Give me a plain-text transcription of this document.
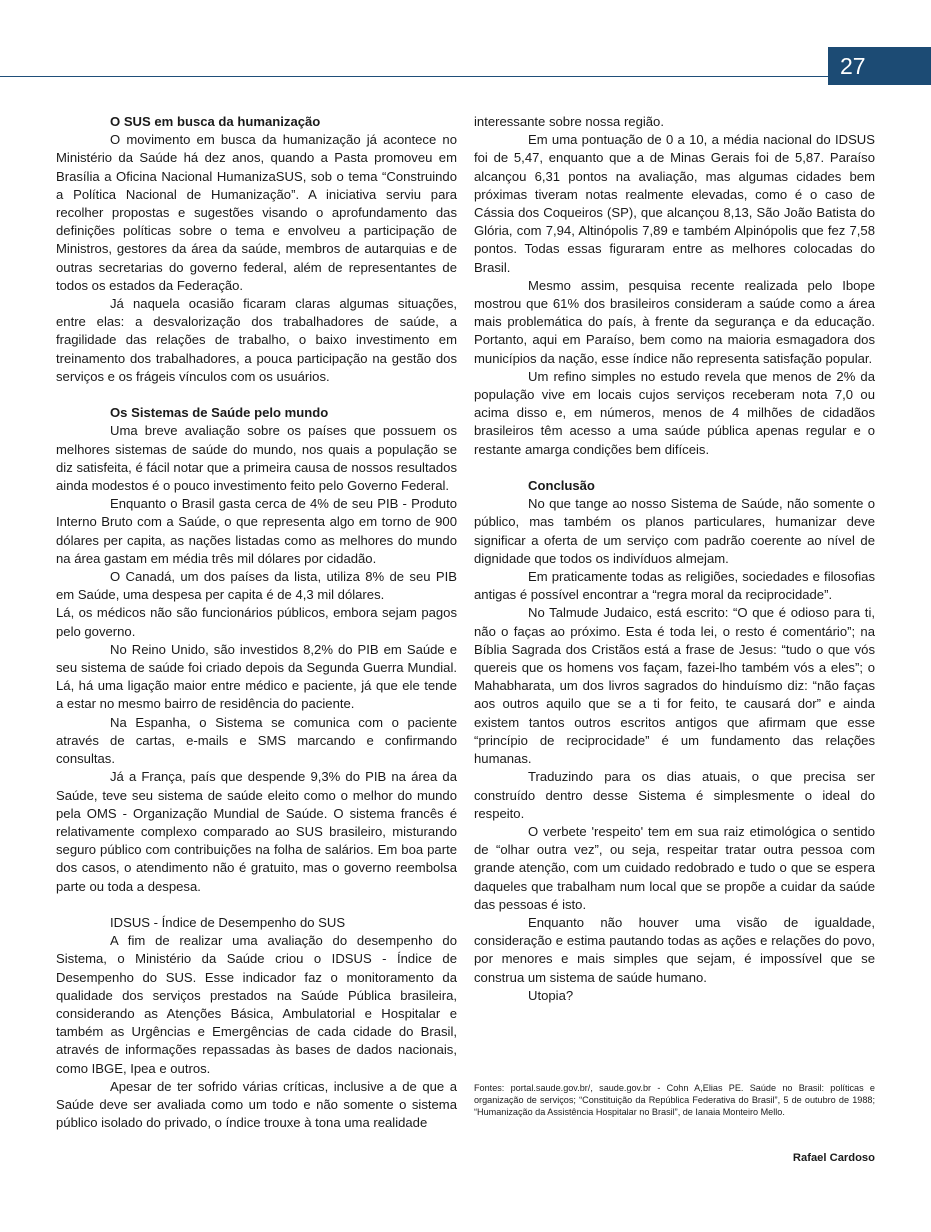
27
O SUS em busca da humanização

O movimento em busca da humanização já acontece no Ministério da Saúde há dez anos, quando a Pasta promoveu em Brasília a Oficina Nacional HumanizaSUS, sob o tema “Construindo a Política Nacional de Humanização”. A iniciativa serviu para recolher propostas e sugestões visando o aprofundamento das definições políticas sobre o tema e envolveu a participação de Ministros, gestores da área da saúde, membros de autarquias e de outras secretarias do governo federal, além de representantes de todos os estados da Federação.

Já naquela ocasião ficaram claras algumas situações, entre elas: a desvalorização dos trabalhadores de saúde, a fragilidade das relações de trabalho, o baixo investimento em treinamento dos trabalhadores, a pouca participação na gestão dos serviços e os frágeis vínculos com os usuários.

Os Sistemas de Saúde pelo mundo

Uma breve avaliação sobre os países que possuem os melhores sistemas de saúde do mundo, nos quais a população se diz satisfeita, é fácil notar que a primeira causa de nossos resultados ainda modestos é o pouco investimento feito pelo Governo Federal.

Enquanto o Brasil gasta cerca de 4% de seu PIB - Produto Interno Bruto com a Saúde, o que representa algo em torno de 900 dólares per capita, as nações listadas como as melhores do mundo na área gastam em média três mil dólares por cidadão.

O Canadá, um dos países da lista, utiliza 8% de seu PIB em Saúde, uma despesa per capita é de 4,3 mil dólares.

Lá, os médicos não são funcionários públicos, embora sejam pagos pelo governo.

No Reino Unido, são investidos 8,2% do PIB em Saúde e seu sistema de saúde foi criado depois da Segunda Guerra Mundial. Lá, há uma ligação maior entre médico e paciente, já que ele tende a estar no mesmo bairro de residência do paciente.

Na Espanha, o Sistema se comunica com o paciente através de cartas, e-mails e SMS marcando e confirmando consultas.

Já a França, país que despende 9,3% do PIB na área da Saúde, teve seu sistema de saúde eleito como o melhor do mundo pela OMS - Organização Mundial de Saúde. O sistema francês é relativamente complexo comparado ao SUS brasileiro, misturando seguro público com contribuições na folha de salários. Em boa parte dos casos, o atendimento não é gratuito, mas o governo reembolsa parte ou toda a despesa.

IDSUS - Índice de Desempenho do SUS

A fim de realizar uma avaliação do desempenho do Sistema, o Ministério da Saúde criou o IDSUS - Índice de Desempenho do SUS. Esse indicador faz o monitoramento da qualidade dos serviços prestados na Saúde Pública brasileira, considerando as Atenções Básica, Ambulatorial e Hospitalar e também as Urgências e Emergências de cada cidade do Brasil, através de informações repassadas às bases de dados nacionais, como IBGE, Ipea e outros.

Apesar de ter sofrido várias críticas, inclusive a de que a Saúde deve ser avaliada como um todo e não somente o sistema público isolado do privado, o índice trouxe à tona uma realidade

interessante sobre nossa região.

Em uma pontuação de 0 a 10, a média nacional do IDSUS foi de 5,47, enquanto que a de Minas Gerais foi de 5,87. Paraíso alcançou 6,31 pontos na avaliação, mas algumas cidades bem próximas tiveram notas realmente elevadas, como é o caso de Cássia dos Coqueiros (SP), que alcançou 8,13, São João Batista do Glória, com 7,94, Altinópolis 7,89 e também Alpinópolis que fez 7,58 pontos. Todas essas figuraram entre as melhores colocadas do Brasil.

Mesmo assim, pesquisa recente realizada pelo Ibope mostrou que 61% dos brasileiros consideram a saúde como a área mais problemática do país, à frente da segurança e da educação. Portanto, aqui em Paraíso, bem como na maioria esmagadora dos municípios da nação, esse índice não representa satisfação popular.

Um refino simples no estudo revela que menos de 2% da população vive em locais cujos serviços receberam nota 7,0 ou acima disso e, em números, menos de 4 milhões de cidadãos brasileiros têm acesso a uma saúde pública apenas regular e o restante amarga condições bem difíceis.

Conclusão

No que tange ao nosso Sistema de Saúde, não somente o público, mas também os planos particulares, humanizar deve significar a oferta de um serviço com padrão coerente ao nível de dignidade que todos os indivíduos almejam.

Em praticamente todas as religiões, sociedades e filosofias antigas é possível encontrar a “regra moral da reciprocidade”.

No Talmude Judaico, está escrito: “O que é odioso para ti, não o faças ao próximo. Esta é toda lei, o resto é comentário”; na Bíblia Sagrada dos Cristãos está a frase de Jesus: “tudo o que vós quereis que os homens vos façam, fazei-lho também vós a eles”; o Mahabharata, um dos livros sagrados do hinduísmo diz: “não faças aos outros aquilo que se a ti for feito, te causará dor” e ainda existem tantos outros escritos antigos que afirmam que esse “princípio de reciprocidade” é um fundamento das relações humanas.

Traduzindo para os dias atuais, o que precisa ser construído dentro desse Sistema é simplesmente o ideal do respeito.

O verbete 'respeito' tem em sua raiz etimológica o sentido de “olhar outra vez”, ou seja, respeitar tratar outra pessoa com grande atenção, com um cuidado redobrado e tudo o que se espera daqueles que trabalham num local que se propõe a cuidar da saúde das pessoas é isto.

Enquanto não houver uma visão de igualdade, consideração e estima pautando todas as ações e relações do povo, por menores e mais simples que sejam, é impossível que se construa um sistema de saúde humano.

Utopia?

Fontes: portal.saude.gov.br/, saude.gov.br - Cohn A,Elias PE. Saúde no Brasil: políticas e organização de serviços; “Constituição da República Federativa do Brasil”, 5 de outubro de 1988; “Humanização da Assistência Hospitalar no Brasil”, de Ianaia Monteiro Mello.
Rafael Cardoso
